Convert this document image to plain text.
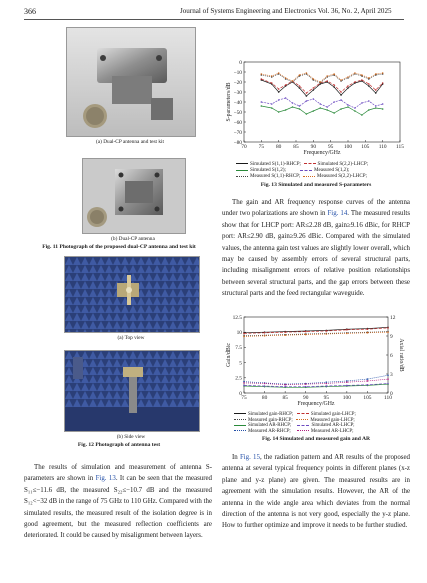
366	Journal of Systems Engineering and Electronics Vol. 36, No. 2, April 2025
(a) Dual-CP antenna and test kit
(b) Dual-CP antenna
Fig. 11 Photograph of the proposed dual-CP antenna and test kit
(a) Top view
(b) Side view
Fig. 12 Photograph of antenna test

The results of simulation and measurement of antenna S-parameters are shown in Fig. 13. It can be seen that the measured S₁₁≤−11.6 dB, the measured S₂₂≤−10.7 dB and the measured S₁₂<−32 dB in the range of 75 GHz to 110 GHz. Compared with the simulated results, the measured result of the isolation degree is in good agreement, but the measured reflection coefficients are deteriorated. It could be caused by misalignment between layers.

70 75 80 85 90 95 100 105 110 115
0
−10
−20
−30
−40
−50
−60
−70
−80
Frequency/GHz
S-parameters/dB
Simulated S(1,1)-RHCP;	Simulated S(2,2)-LHCP;
Simulated S(1,2);	Measured S(1,2);
Measured S(1,1)-RHCP;	Measured S(2,2)-LHCP;
Fig. 13 Simulated and measured S-parameters

The gain and AR frequency response curves of the antenna under two polarizations are shown in Fig. 14. The measured results show that for LHCP port: AR≤2.28 dB, gain≥9.16 dBic, for RHCP port: AR≤2.90 dB, gain≥9.26 dBic. Compared with the simulated values, the antenna gain test values are slightly lower overall, which may be caused by assembly errors of several structural parts, including misalignment errors of relative position relationships between several structural parts, and the gap errors between these structural parts and the feed rectangular waveguide.

75	80	85	90	95	100 105 110
0
2.5
5
7.5
10
12.5
0
3
6
9
12
Frequency/GHz
Gain/dBic	Axial ratio/dB
Simulated gain-RHCP;	Simulated gain-LHCP;
Measured gain-RHCP;	Measured gain-LHCP;
Simulated AR-RHCP;	Simulated AR-LHCP;
Measured AR-RHCP;	Measured AR-LHCP;
Fig. 14 Simulated and measured gain and AR

In Fig. 15, the radiation pattern and AR results of the proposed antenna at several typical frequency points in different planes (x-z plane and y-z plane) are given. The measured results are in agreement with the simulation results. However, the AR of the antenna in the wide angle area which deviates from the normal direction of the antenna is not very good, especially the y-z plane. How to further optimize and improve it needs to be further studied.
